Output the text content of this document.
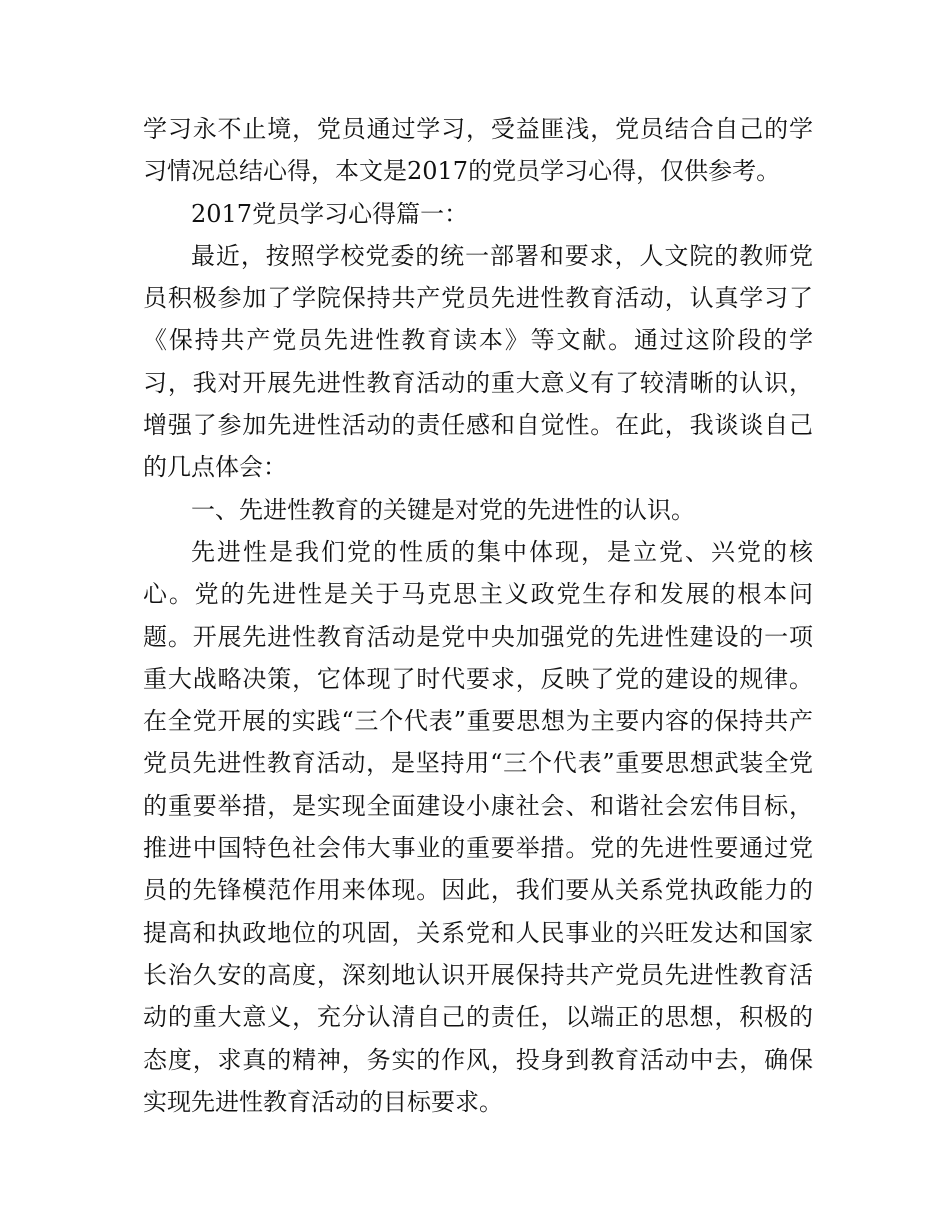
学习永不止境，党员通过学习，受益匪浅，党员结合自己的学习情况总结心得，本文是2017的党员学习心得，仅供参考。

2017党员学习心得篇一：

最近，按照学校党委的统一部署和要求，人文院的教师党员积极参加了学院保持共产党员先进性教育活动，认真学习了《保持共产党员先进性教育读本》等文献。通过这阶段的学习，我对开展先进性教育活动的重大意义有了较清晰的认识，增强了参加先进性活动的责任感和自觉性。在此，我谈谈自己的几点体会：

一、先进性教育的关键是对党的先进性的认识。

先进性是我们党的性质的集中体现，是立党、兴党的核心。党的先进性是关于马克思主义政党生存和发展的根本问题。开展先进性教育活动是党中央加强党的先进性建设的一项重大战略决策，它体现了时代要求，反映了党的建设的规律。在全党开展的实践“三个代表”重要思想为主要内容的保持共产党员先进性教育活动，是坚持用“三个代表”重要思想武装全党的重要举措，是实现全面建设小康社会、和谐社会宏伟目标，推进中国特色社会伟大事业的重要举措。党的先进性要通过党员的先锋模范作用来体现。因此，我们要从关系党执政能力的提高和执政地位的巩固，关系党和人民事业的兴旺发达和国家长治久安的高度，深刻地认识开展保持共产党员先进性教育活动的重大意义，充分认清自己的责任，以端正的思想，积极的态度，求真的精神，务实的作风，投身到教育活动中去，确保实现先进性教育活动的目标要求。
